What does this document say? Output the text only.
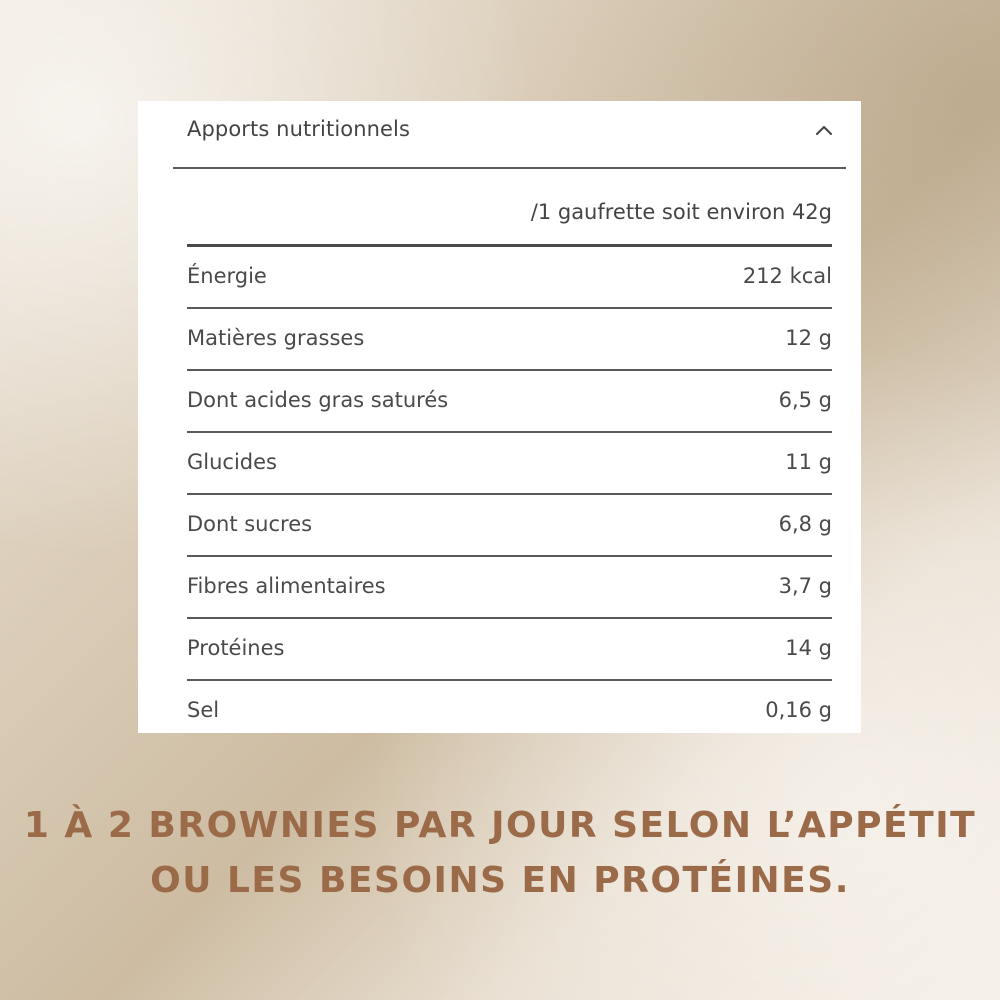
Apports nutritionnels
/1 gaufrette soit environ 42g
Énergie	212 kcal
Matières grasses	12 g
Dont acides gras saturés	6,5 g
Glucides	11 g
Dont sucres	6,8 g
Fibres alimentaires	3,7 g
Protéines	14 g
Sel	0,16 g
1 À 2 BROWNIES PAR JOUR SELON L’APPÉTIT
OU LES BESOINS EN PROTÉINES.
